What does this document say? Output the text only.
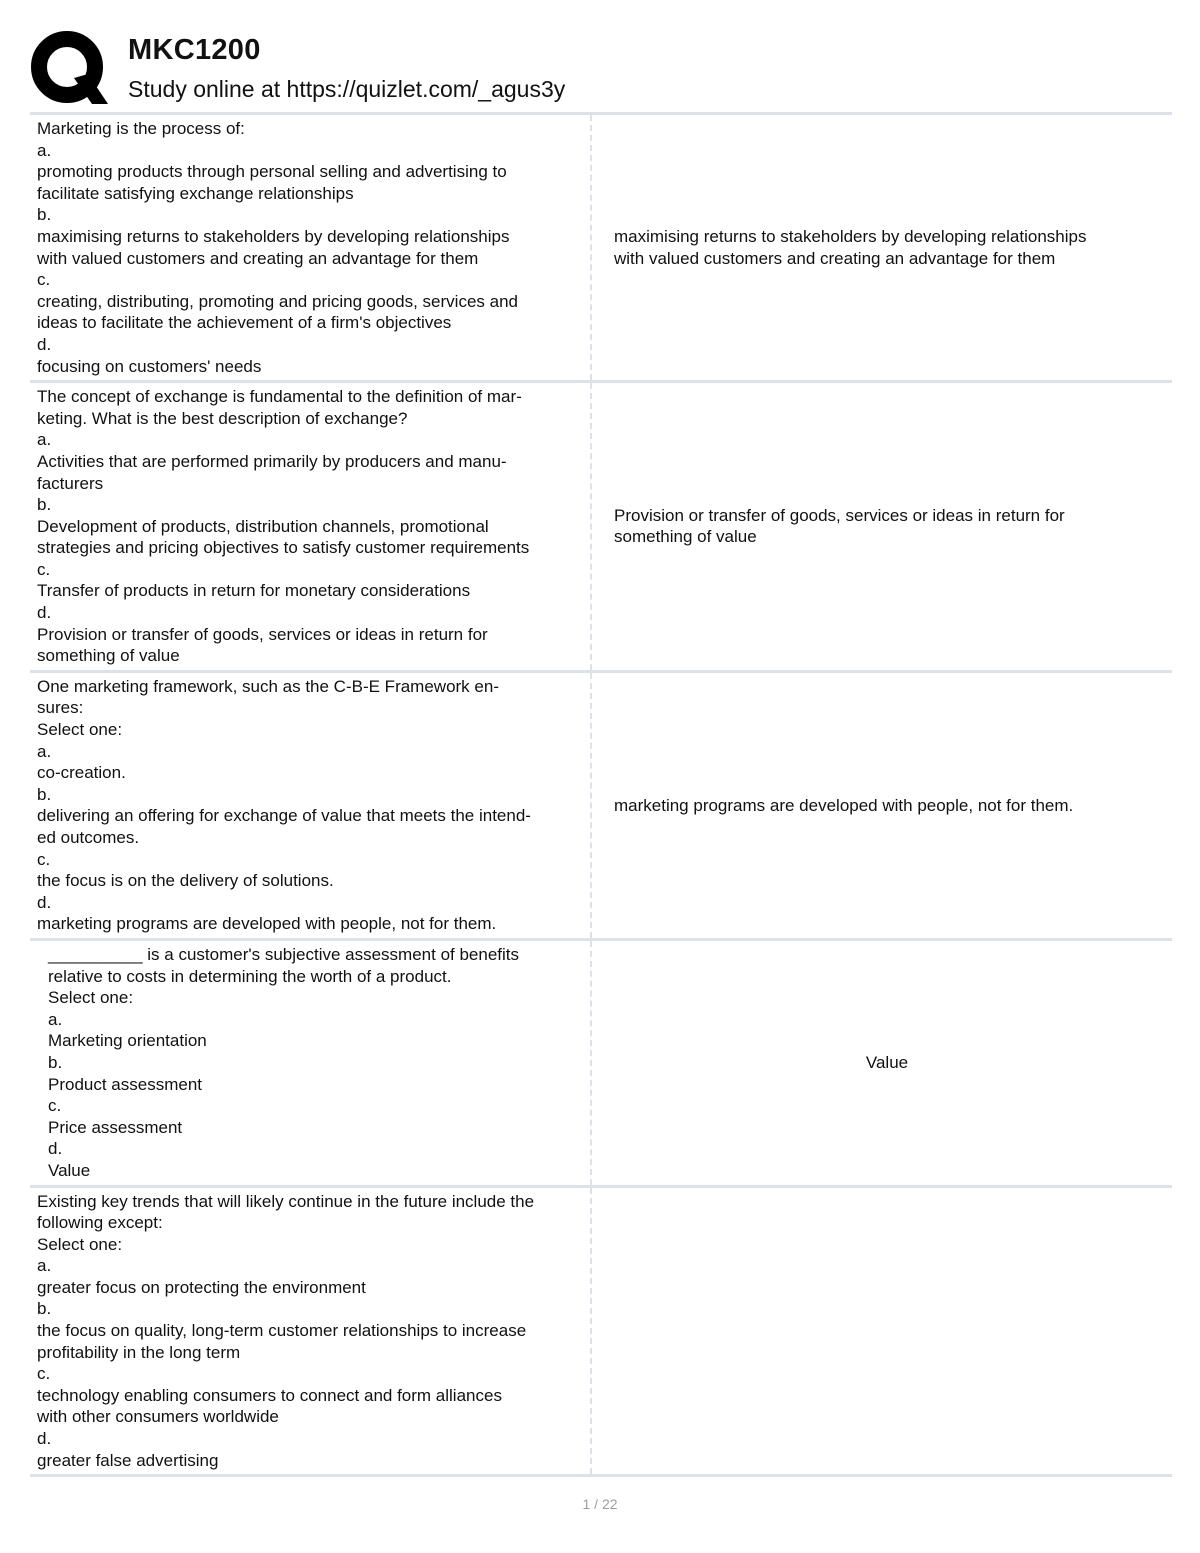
MKC1200
Study online at https://quizlet.com/_agus3y
Marketing is the process of:
a.
promoting products through personal selling and advertising to
facilitate satisfying exchange relationships
b.
maximising returns to stakeholders by developing relationships
with valued customers and creating an advantage for them
c.
creating, distributing, promoting and pricing goods, services and
ideas to facilitate the achievement of a firm's objectives
d.
focusing on customers' needs
maximising returns to stakeholders by developing relationships
with valued customers and creating an advantage for them
The concept of exchange is fundamental to the definition of mar-
keting. What is the best description of exchange?
a.
Activities that are performed primarily by producers and manu-
facturers
b.
Development of products, distribution channels, promotional
strategies and pricing objectives to satisfy customer requirements
c.
Transfer of products in return for monetary considerations
d.
Provision or transfer of goods, services or ideas in return for
something of value
Provision or transfer of goods, services or ideas in return for
something of value
One marketing framework, such as the C-B-E Framework en-
sures:
Select one:
a.
co-creation.
b.
delivering an offering for exchange of value that meets the intend-
ed outcomes.
c.
the focus is on the delivery of solutions.
d.
marketing programs are developed with people, not for them.
marketing programs are developed with people, not for them.
__________ is a customer's subjective assessment of benefits
relative to costs in determining the worth of a product.
Select one:
a.
Marketing orientation
b.
Product assessment
c.
Price assessment
d.
Value
Value
Existing key trends that will likely continue in the future include the
following except:
Select one:
a.
greater focus on protecting the environment
b.
the focus on quality, long-term customer relationships to increase
profitability in the long term
c.
technology enabling consumers to connect and form alliances
with other consumers worldwide
d.
greater false advertising
1 / 22
